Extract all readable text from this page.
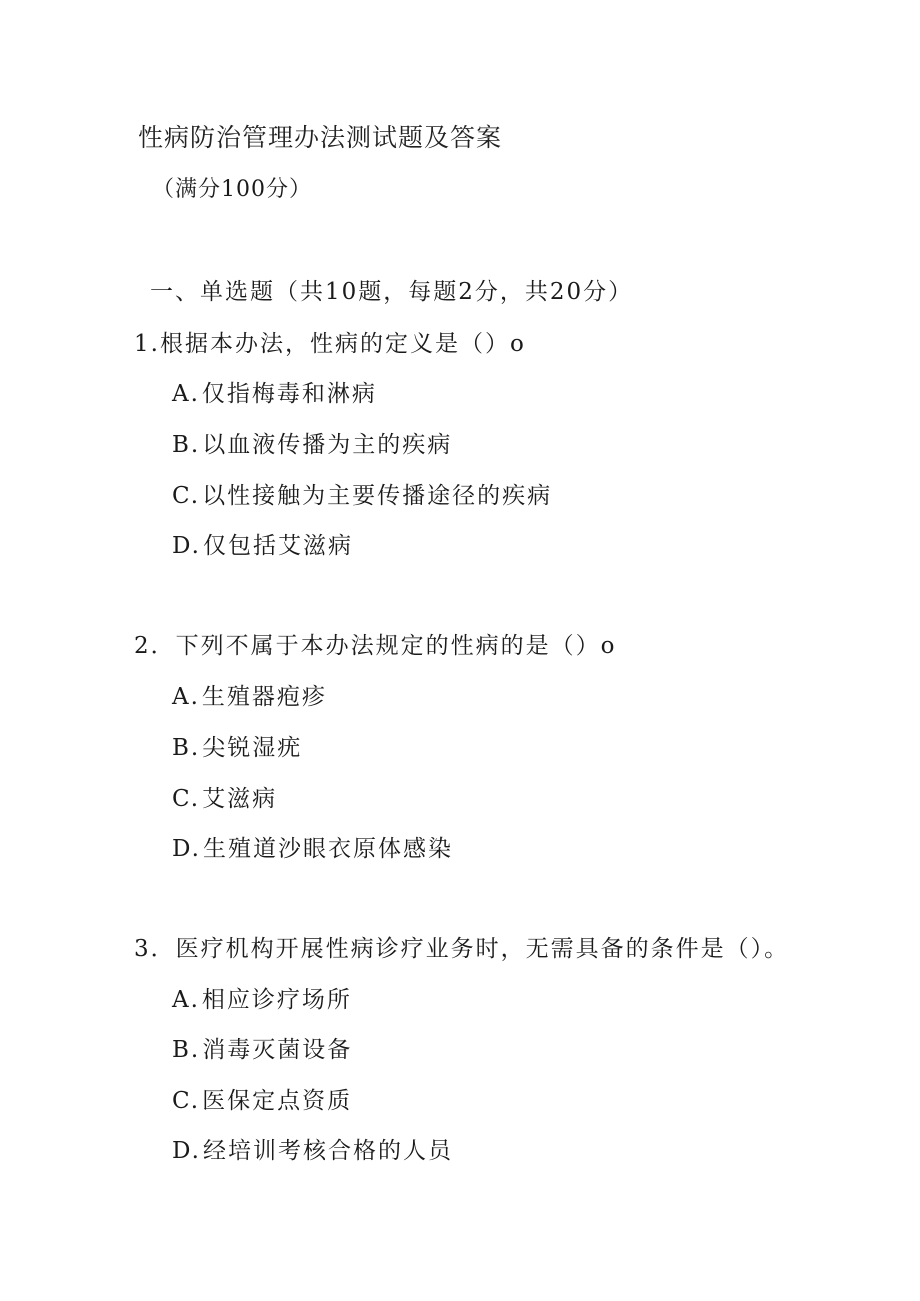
性病防治管理办法测试题及答案
（满分100分）
一、单选题（共10题，每题2分，共20分）
1.根据本办法，性病的定义是（）o
A.仅指梅毒和淋病
B.以血液传播为主的疾病
C.以性接触为主要传播途径的疾病
D.仅包括艾滋病
2．下列不属于本办法规定的性病的是（）o
A.生殖器疱疹
B.尖锐湿疣
C.艾滋病
D.生殖道沙眼衣原体感染
3．医疗机构开展性病诊疗业务时，无需具备的条件是（）。
A.相应诊疗场所
B.消毒灭菌设备
C.医保定点资质
D.经培训考核合格的人员
